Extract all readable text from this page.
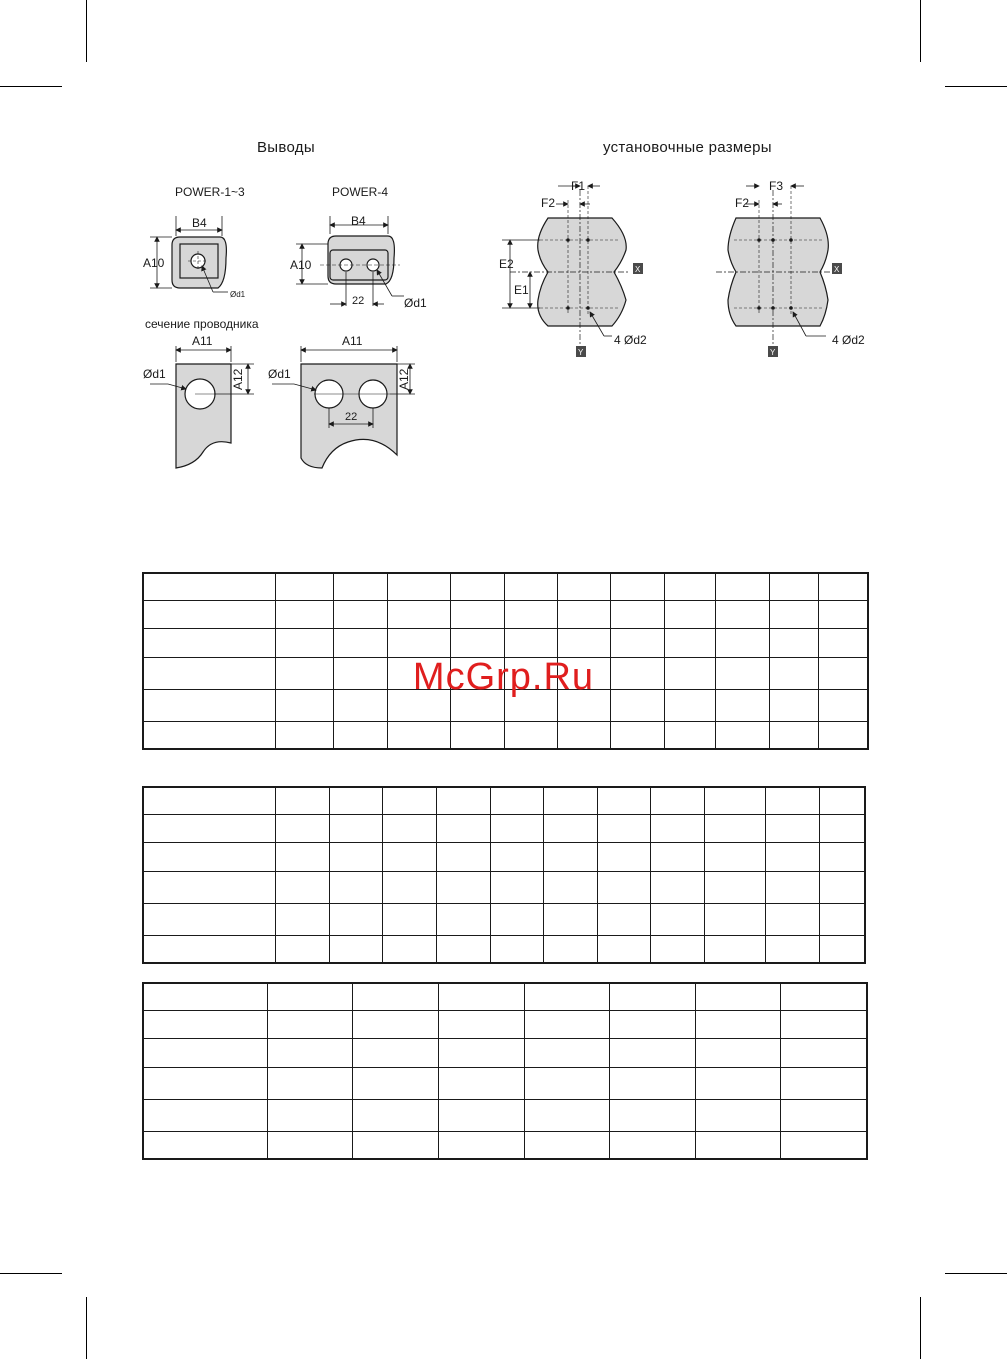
Выводы	установочные размеры
POWER-1~3	POWER-4
сечение проводника
B4
A10
Ød1
B4
A10
22	Ød1
A11
A12
Ød1
A11
A12
Ød1
22
F1
F2
E2
E1
4 Ød2
X
Y
F3
F2
4 Ød2
X
Y

McGrp.Ru
